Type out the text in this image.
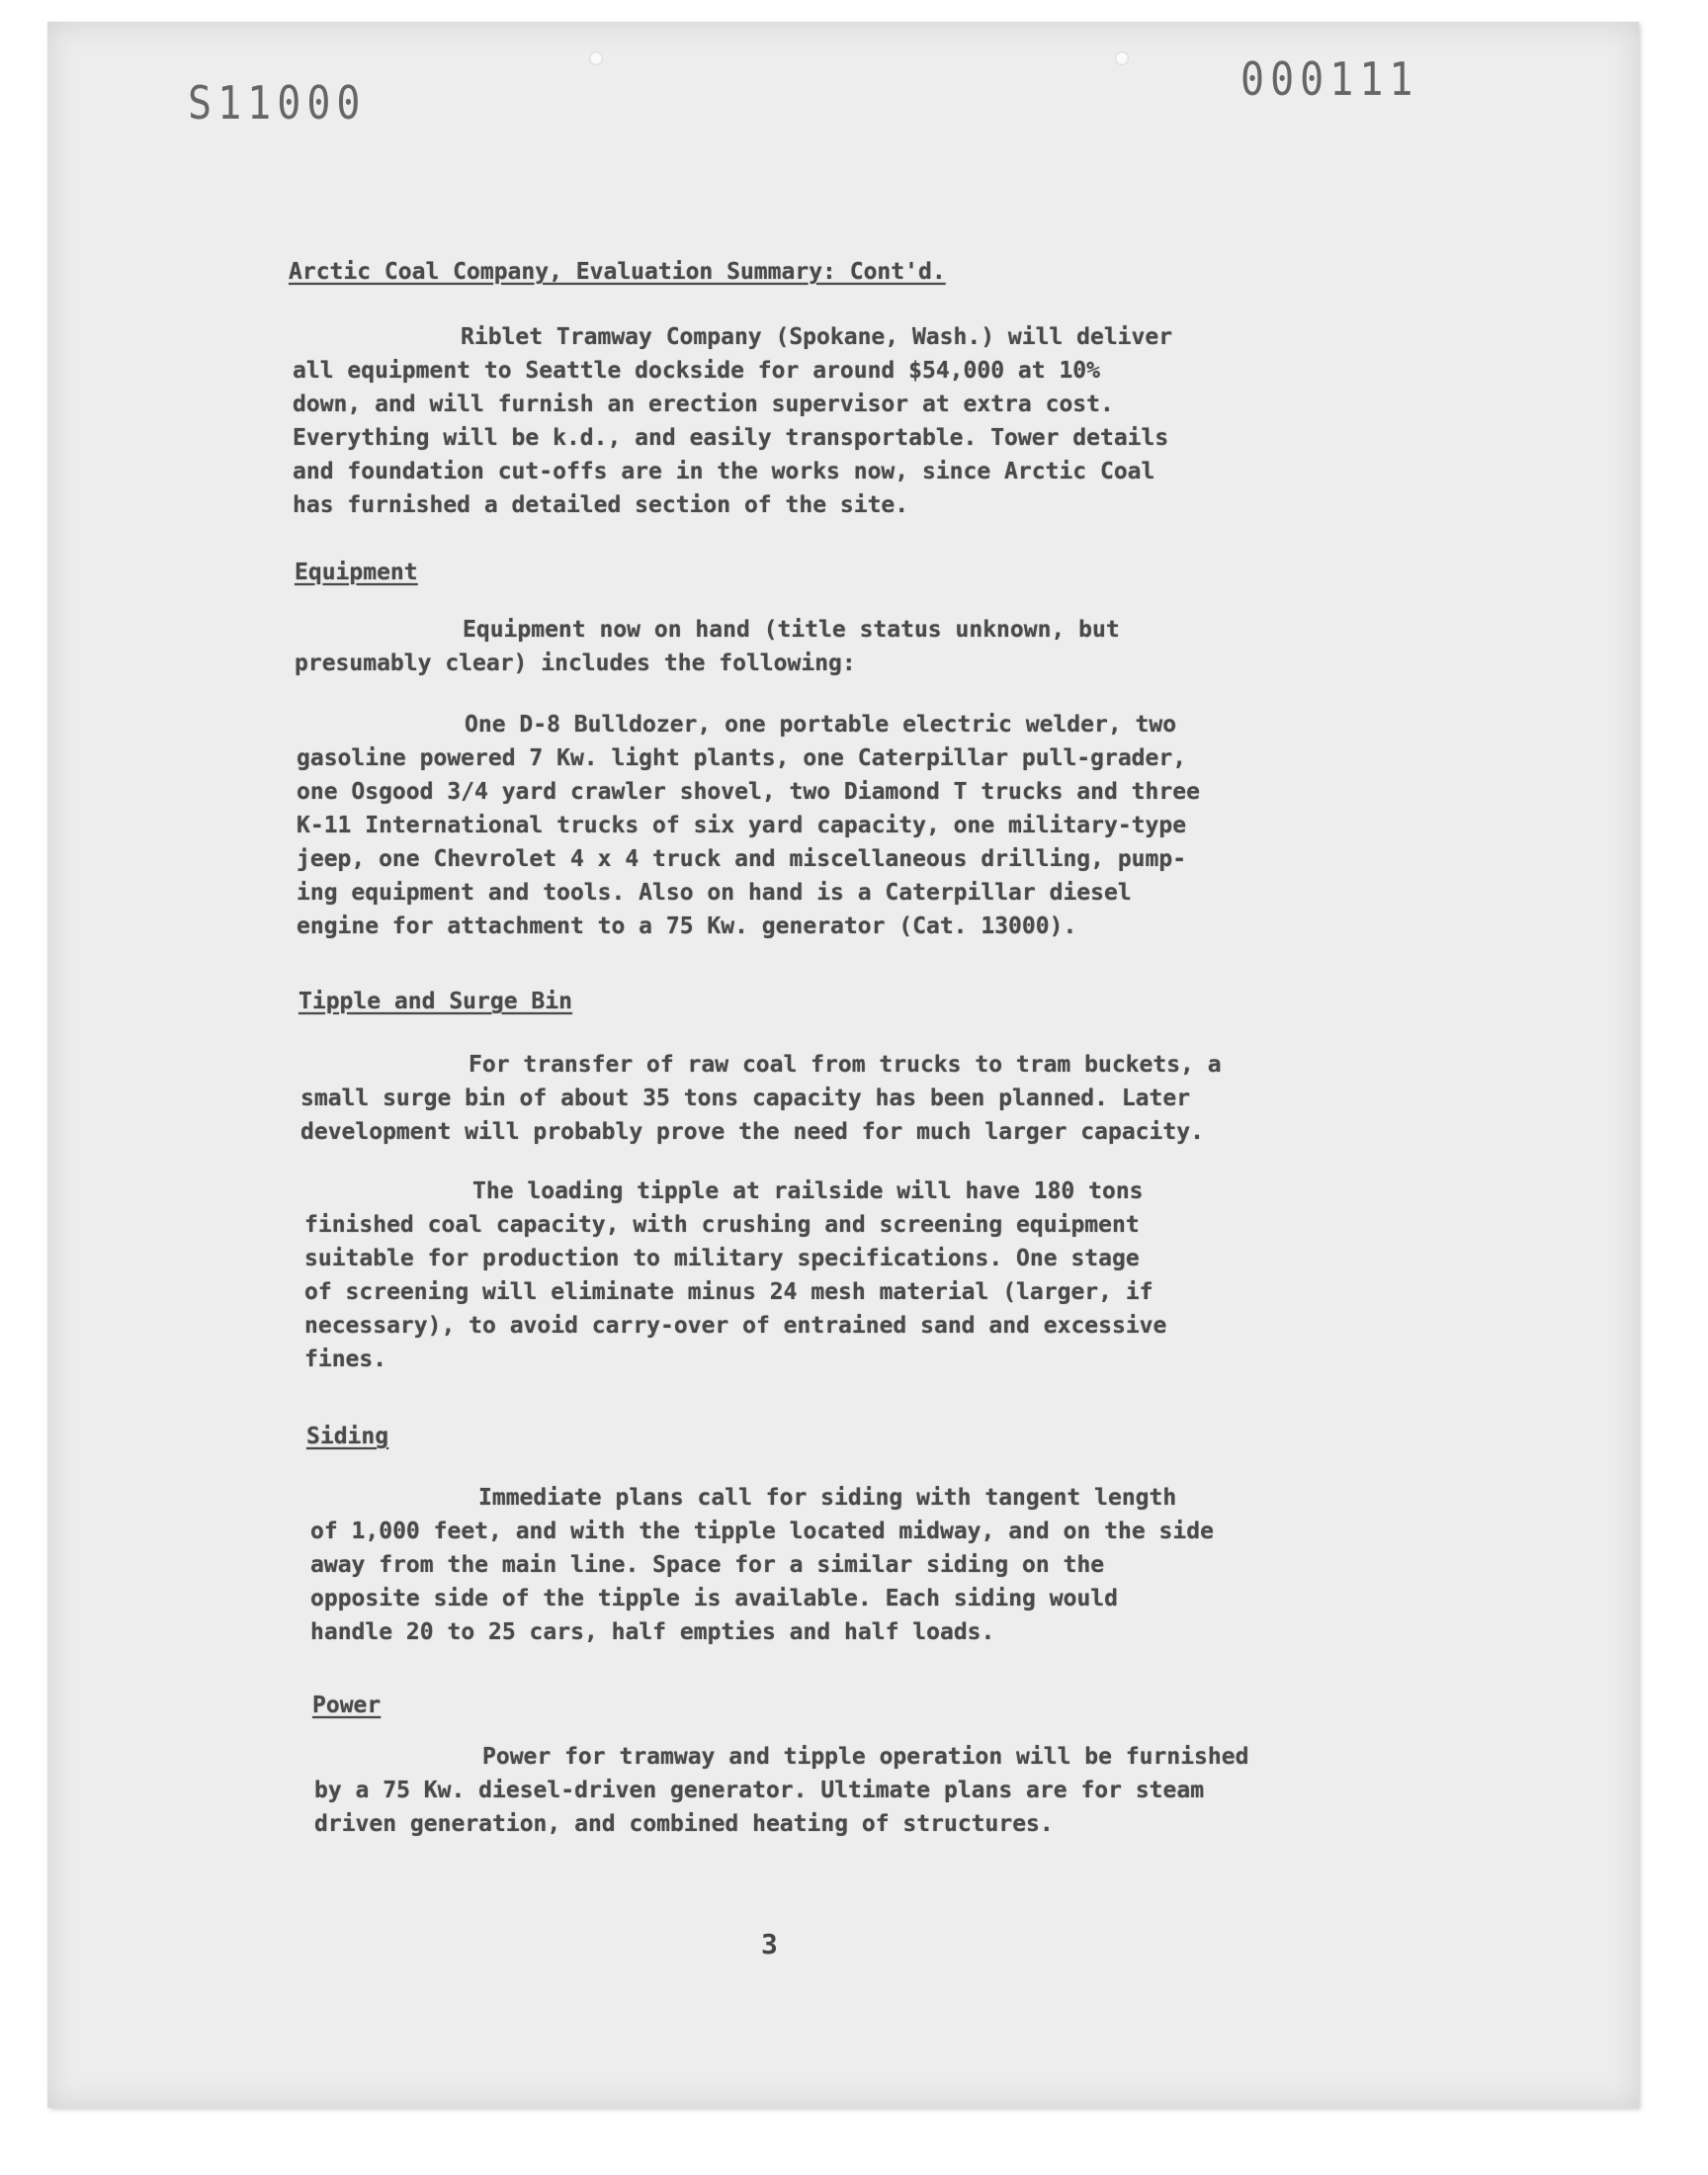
S11000	000111
Arctic Coal Company, Evaluation Summary: Cont'd.
Riblet Tramway Company (Spokane, Wash.) will deliver
all equipment to Seattle dockside for around $54,000 at 10%
down, and will furnish an erection supervisor at extra cost.
Everything will be k.d., and easily transportable. Tower details
and foundation cut-offs are in the works now, since Arctic Coal
has furnished a detailed section of the site.
Equipment
Equipment now on hand (title status unknown, but
presumably clear) includes the following:
One D-8 Bulldozer, one portable electric welder, two
gasoline powered 7 Kw. light plants, one Caterpillar pull-grader,
one Osgood 3/4 yard crawler shovel, two Diamond T trucks and three
K-11 International trucks of six yard capacity, one military-type
jeep, one Chevrolet 4 x 4 truck and miscellaneous drilling, pump-
ing equipment and tools. Also on hand is a Caterpillar diesel
engine for attachment to a 75 Kw. generator (Cat. 13000).
Tipple and Surge Bin
For transfer of raw coal from trucks to tram buckets, a
small surge bin of about 35 tons capacity has been planned. Later
development will probably prove the need for much larger capacity.
The loading tipple at railside will have 180 tons
finished coal capacity, with crushing and screening equipment
suitable for production to military specifications. One stage
of screening will eliminate minus 24 mesh material (larger, if
necessary), to avoid carry-over of entrained sand and excessive
fines.
Siding
Immediate plans call for siding with tangent length
of 1,000 feet, and with the tipple located midway, and on the side
away from the main line. Space for a similar siding on the
opposite side of the tipple is available. Each siding would
handle 20 to 25 cars, half empties and half loads.
Power
Power for tramway and tipple operation will be furnished
by a 75 Kw. diesel-driven generator. Ultimate plans are for steam
driven generation, and combined heating of structures.
3
